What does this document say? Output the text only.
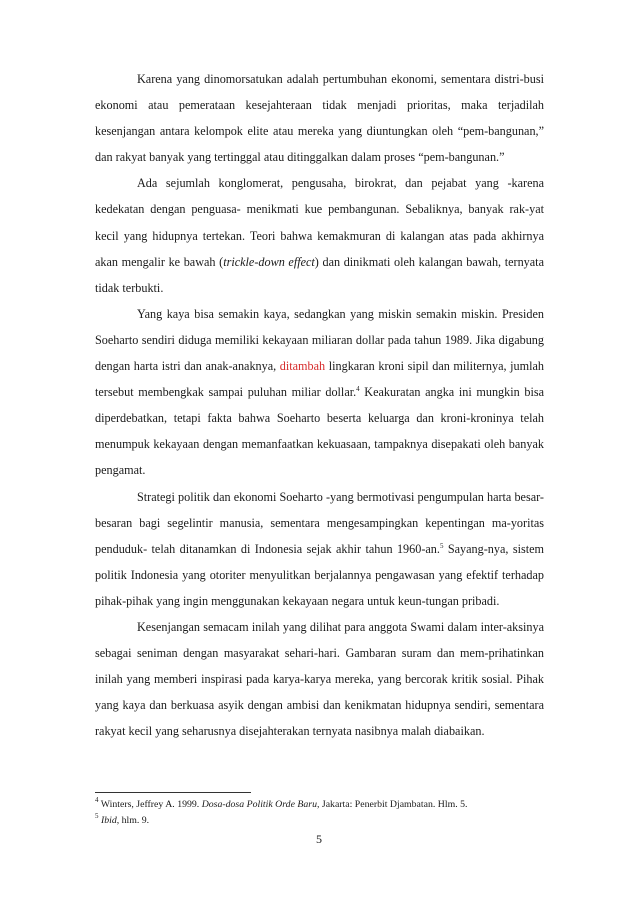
Karena yang dinomorsatukan adalah pertumbuhan ekonomi, sementara distri-busi ekonomi atau pemerataan kesejahteraan tidak menjadi prioritas, maka terjadilah kesenjangan antara kelompok elite atau mereka yang diuntungkan oleh “pem-bangunan,” dan rakyat banyak yang tertinggal atau ditinggalkan dalam proses “pem-bangunan.”

Ada sejumlah konglomerat, pengusaha, birokrat, dan pejabat yang -karena kedekatan dengan penguasa- menikmati kue pembangunan. Sebaliknya, banyak rak-yat kecil yang hidupnya tertekan. Teori bahwa kemakmuran di kalangan atas pada akhirnya akan mengalir ke bawah (trickle-down effect) dan dinikmati oleh kalangan bawah, ternyata tidak terbukti.

Yang kaya bisa semakin kaya, sedangkan yang miskin semakin miskin. Presiden Soeharto sendiri diduga memiliki kekayaan miliaran dollar pada tahun 1989. Jika digabung dengan harta istri dan anak-anaknya, ditambah lingkaran kroni sipil dan militernya, jumlah tersebut membengkak sampai puluhan miliar dollar.$^4$ Keakuratan angka ini mungkin bisa diperdebatkan, tetapi fakta bahwa Soeharto beserta keluarga dan kroni-kroninya telah menumpuk kekayaan dengan memanfaatkan kekuasaan, tampaknya disepakati oleh banyak pengamat.

Strategi politik dan ekonomi Soeharto -yang bermotivasi pengumpulan harta besar-besaran bagi segelintir manusia, sementara mengesampingkan kepentingan ma-yoritas penduduk- telah ditanamkan di Indonesia sejak akhir tahun 1960-an.$^5$ Sayang-nya, sistem politik Indonesia yang otoriter menyulitkan berjalannya pengawasan yang efektif terhadap pihak-pihak yang ingin menggunakan kekayaan negara untuk keun-tungan pribadi.

Kesenjangan semacam inilah yang dilihat para anggota Swami dalam inter-aksinya sebagai seniman dengan masyarakat sehari-hari. Gambaran suram dan mem-prihatinkan inilah yang memberi inspirasi pada karya-karya mereka, yang bercorak kritik sosial. Pihak yang kaya dan berkuasa asyik dengan ambisi dan kenikmatan hidupnya sendiri, sementara rakyat kecil yang seharusnya disejahterakan ternyata nasibnya malah diabaikan.

$^4$ Winters, Jeffrey A. 1999. Dosa-dosa Politik Orde Baru, Jakarta: Penerbit Djambatan. Hlm. 5.
$^5$ Ibid, hlm. 9.
5
